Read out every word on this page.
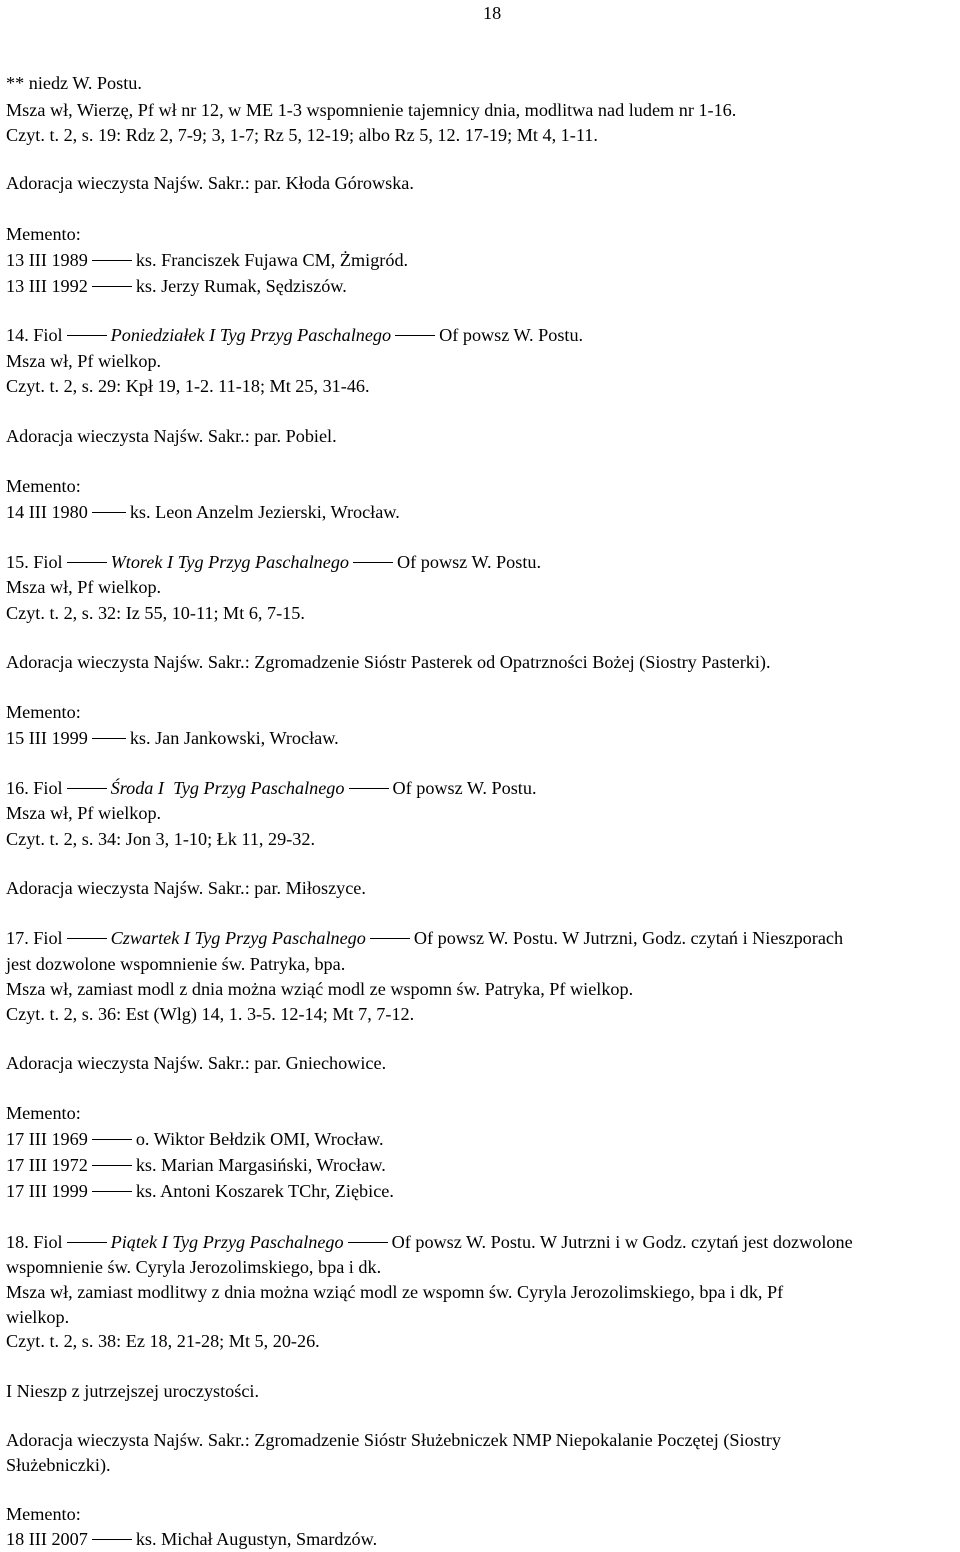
18
** niedz W. Postu.
Msza wł, Wierzę, Pf wł nr 12, w ME 1-3 wspomnienie tajemnicy dnia, modlitwa nad ludem nr 1-16.
Czyt. t. 2, s. 19: Rdz 2, 7-9; 3, 1-7; Rz 5, 12-19; albo Rz 5, 12. 17-19; Mt 4, 1-11.
Adoracja wieczysta Najśw. Sakr.: par. Kłoda Górowska.
Memento:
13 III 1989	ks. Franciszek Fujawa CM, Żmigród.
13 III 1992	ks. Jerzy Rumak, Sędziszów.
14. Fiol	Poniedziałek I Tyg Przyg Paschalnego	Of powsz W. Postu.
Msza wł, Pf wielkop.
Czyt. t. 2, s. 29: Kpł 19, 1-2. 11-18; Mt 25, 31-46.
Adoracja wieczysta Najśw. Sakr.: par. Pobiel.
Memento:
14 III 1980 ks. Leon Anzelm Jezierski, Wrocław.
15. Fiol	Wtorek I Tyg Przyg Paschalnego	Of powsz W. Postu.
Msza wł, Pf wielkop.
Czyt. t. 2, s. 32: Iz 55, 10-11; Mt 6, 7-15.
Adoracja wieczysta Najśw. Sakr.: Zgromadzenie Sióstr Pasterek od Opatrzności Bożej (Siostry Pasterki).
Memento:
15 III 1999 ks. Jan Jankowski, Wrocław.
16. Fiol	Środa I  Tyg Przyg Paschalnego	Of powsz W. Postu.
Msza wł, Pf wielkop.
Czyt. t. 2, s. 34: Jon 3, 1-10; Łk 11, 29-32.
Adoracja wieczysta Najśw. Sakr.: par. Miłoszyce.
17. Fiol	Czwartek I Tyg Przyg Paschalnego	Of powsz W. Postu. W Jutrzni, Godz. czytań i Nieszporach
jest dozwolone wspomnienie św. Patryka, bpa.
Msza wł, zamiast modl z dnia można wziąć modl ze wspomn św. Patryka, Pf wielkop.
Czyt. t. 2, s. 36: Est (Wlg) 14, 1. 3-5. 12-14; Mt 7, 7-12.
Adoracja wieczysta Najśw. Sakr.: par. Gniechowice.
Memento:
17 III 1969	o. Wiktor Bełdzik OMI, Wrocław.
17 III 1972	ks. Marian Margasiński, Wrocław.
17 III 1999	ks. Antoni Koszarek TChr, Ziębice.
18. Fiol	Piątek I Tyg Przyg Paschalnego	Of powsz W. Postu. W Jutrzni i w Godz. czytań jest dozwolone
wspomnienie św. Cyryla Jerozolimskiego, bpa i dk.
Msza wł, zamiast modlitwy z dnia można wziąć modl ze wspomn św. Cyryla Jerozolimskiego, bpa i dk, Pf
wielkop.
Czyt. t. 2, s. 38: Ez 18, 21-28; Mt 5, 20-26.
I Nieszp z jutrzejszej uroczystości.
Adoracja wieczysta Najśw. Sakr.: Zgromadzenie Sióstr Służebniczek NMP Niepokalanie Poczętej (Siostry
Służebniczki).
Memento:
18 III 2007	ks. Michał Augustyn, Smardzów.
